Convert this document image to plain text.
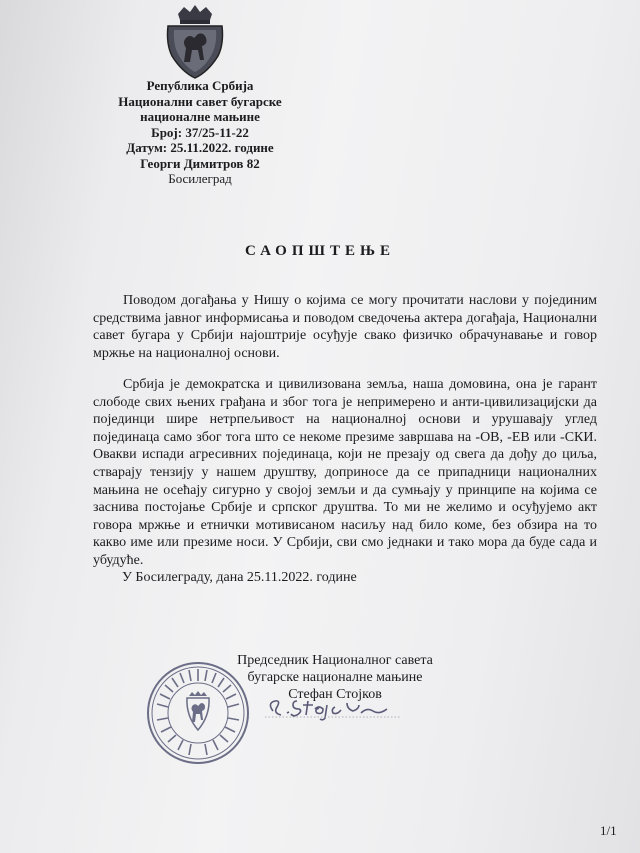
Република Србија
Национални савет бугарске
националне мањине
Број: 37/25-11-22
Датум: 25.11.2022. године
Георги Димитров 82
Босилеград
САОПШТЕЊЕ
Поводом догађања у Нишу о којима се могу прочитати наслови у појединим средствима јавног информисања и поводом сведочења актера догађаја, Национални савет бугара у Србији најоштрије осуђује свако физичко обрачунавање и говор мржње на националној основи.
Србија је демократска и цивилизована земља, наша домовина, она је гарант слободе свих њених грађана и због тога је непримерено и анти-цивилизацијски да појединци шире нетрпељивост на националној основи и урушавају углед појединаца само због тога што се некоме презиме завршава на -ОВ, -ЕВ или -СКИ. Овакви испади агресивних појединаца, који не презају од свега да дођу до циља, стварају тензију у нашем друштву, доприносе да се припадници националних мањина не осећају сигурно у својој земљи и да сумњају у принципе на којима се заснива постојање Србије и српског друштва. То ми не желимо и осуђујемо акт говора мржње и етнички мотивисаном насиљу над било коме, без обзира на то какво име или презиме носи. У Србији, сви смо једнаки и тако мора да буде сада и убудуће.
У Босилеграду, дана 25.11.2022. године
Председник Националног савета
бугарске националне мањине
Стефан Стојков
1/1
